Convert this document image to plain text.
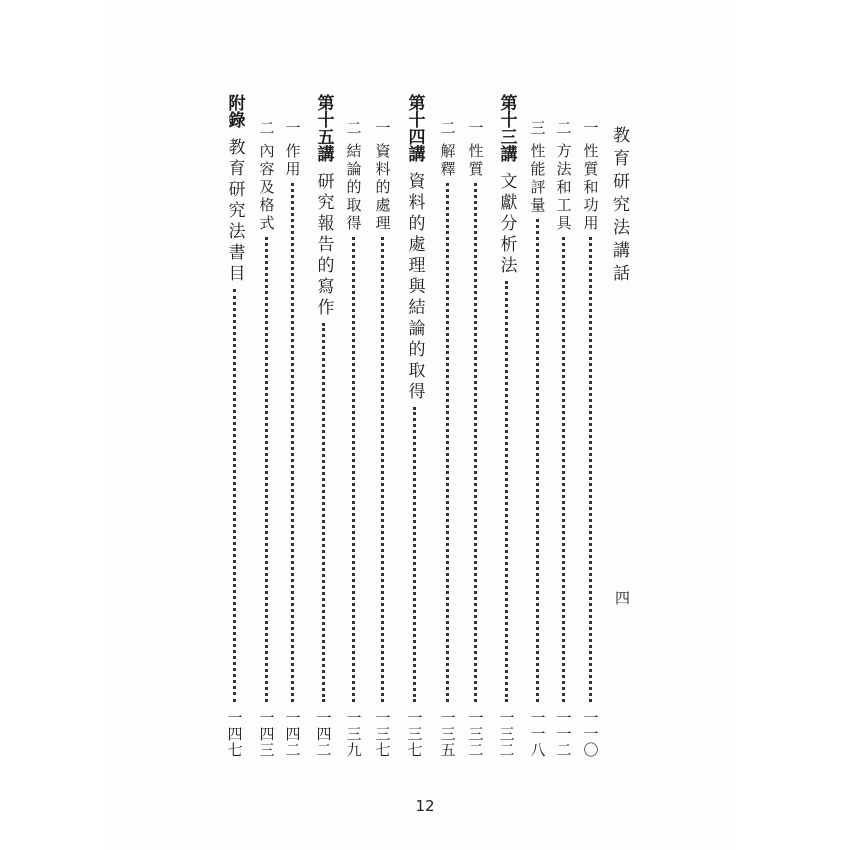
教育研究法講話
四
一
性質和功用
一一〇
二
方法和工具
一一二
三
性能評量
一一八
第十三講
文獻分析法
一三二
一
性質
一三二
二
解釋
一三五
第十四講
資料的處理與結論的取得
一三七
一
資料的處理
一三七
二
結論的取得
一三九
第十五講
研究報告的寫作
一四二
一
作用
一四二
二
內容及格式
一四三
附錄
教育研究法書目
一四七
12
